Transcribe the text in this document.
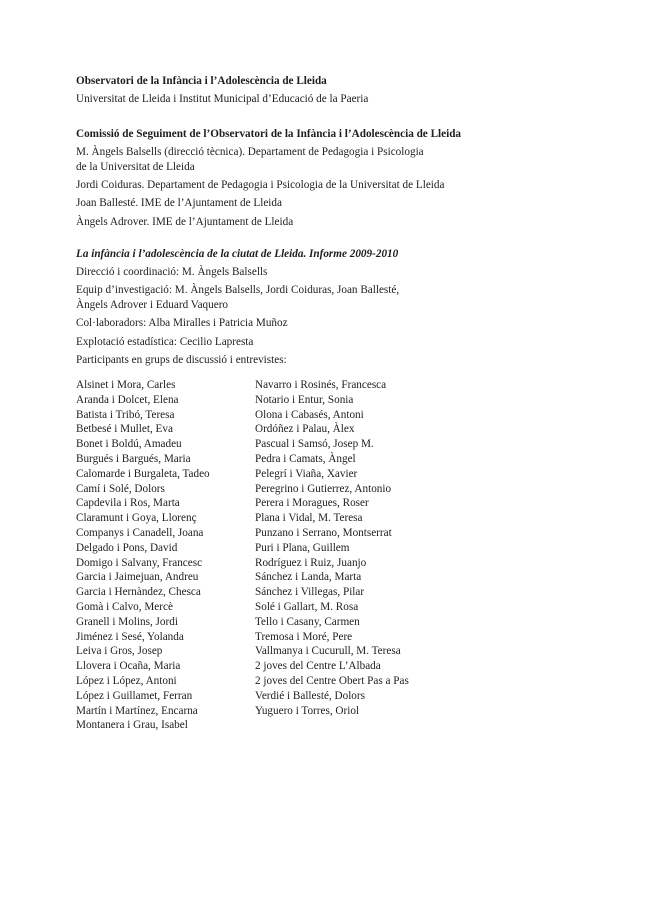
Observatori de la Infància i l’Adolescència de Lleida

Universitat de Lleida i Institut Municipal d’Educació de la Paeria

Comissió de Seguiment de l’Observatori de la Infància i l’Adolescència de Lleida

M. Àngels Balsells (direcció tècnica). Departament de Pedagogia i Psicologia

de la Universitat de Lleida

Jordi Coiduras. Departament de Pedagogia i Psicologia de la Universitat de Lleida

Joan Ballesté. IME de l’Ajuntament de Lleida

Àngels Adrover. IME de l’Ajuntament de Lleida

La infància i l’adolescència de la ciutat de Lleida. Informe 2009-2010

Direcció i coordinació: M. Àngels Balsells

Equip d’investigació: M. Àngels Balsells, Jordi Coiduras, Joan Ballesté,

Àngels Adrover i Eduard Vaquero

Col·laboradors: Alba Miralles i Patricia Muñoz

Explotació estadística: Cecilio Lapresta

Participants en grups de discussió i entrevistes:

Alsinet i Mora, Carles
Aranda i Dolcet, Elena
Batista i Tribó, Teresa
Betbesé i Mullet, Eva
Bonet i Boldú, Amadeu
Burgués i Bargués, Maria
Calomarde i Burgaleta, Tadeo
Camí i Solé, Dolors
Capdevila i Ros, Marta
Claramunt i Goya, Llorenç
Companys i Canadell, Joana
Delgado i Pons, David
Domigo i Salvany, Francesc
Garcia i Jaimejuan, Andreu
Garcia i Hernàndez, Chesca
Gomà i Calvo, Mercè
Granell i Molins, Jordi
Jiménez i Sesé, Yolanda
Leiva i Gros, Josep
Llovera i Ocaña, Maria
López i López, Antoni
López i Guillamet, Ferran
Martín i Martínez, Encarna
Montanera i Grau, Isabel
Navarro i Rosinés, Francesca
Notario i Entur, Sonia
Olona i Cabasés, Antoni
Ordóñez i Palau, Àlex
Pascual i Samsó, Josep M.
Pedra i Camats, Àngel
Pelegrí i Viaña, Xavier
Peregrino i Gutierrez, Antonio
Perera i Moragues, Roser
Plana i Vidal, M. Teresa
Punzano i Serrano, Montserrat
Puri i Plana, Guillem
Rodríguez i Ruiz, Juanjo
Sánchez i Landa, Marta
Sánchez i Villegas, Pilar
Solé i Gallart, M. Rosa
Tello i Casany, Carmen
Tremosa i Moré, Pere
Vallmanya i Cucurull, M. Teresa
2 joves del Centre L’Albada
2 joves del Centre Obert Pas a Pas
Verdié i Ballesté, Dolors
Yuguero i Torres, Oriol
